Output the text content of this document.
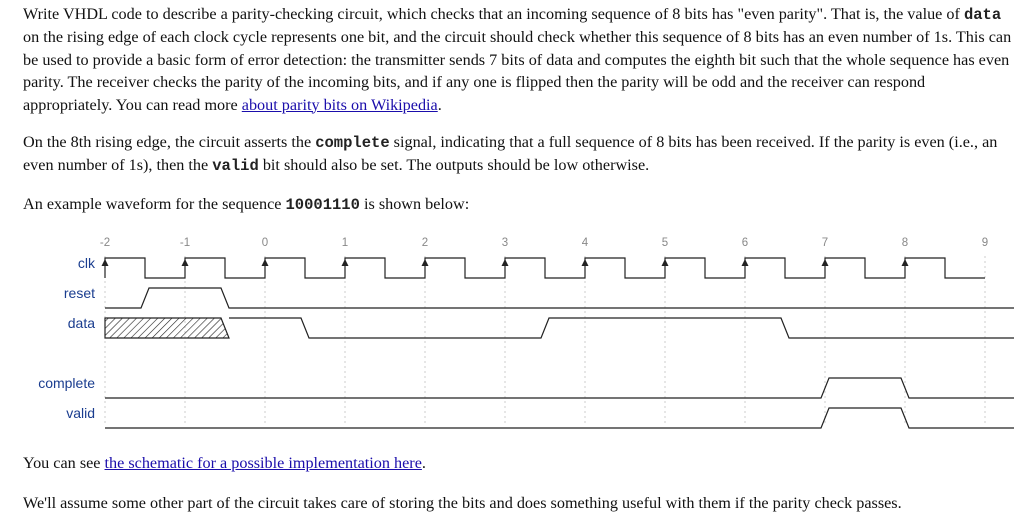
Write VHDL code to describe a parity-checking circuit, which checks that an incoming sequence of 8 bits has "even parity". That is, the value of data on the rising edge of each clock cycle represents one bit, and the circuit should check whether this sequence of 8 bits has an even number of 1s. This can be used to provide a basic form of error detection: the transmitter sends 7 bits of data and computes the eighth bit such that the whole sequence has even parity. The receiver checks the parity of the incoming bits, and if any one is flipped then the parity will be odd and the receiver can respond appropriately. You can read more about parity bits on Wikipedia.

On the 8th rising edge, the circuit asserts the complete signal, indicating that a full sequence of 8 bits has been received. If the parity is even (i.e., an even number of 1s), then the valid bit should also be set. The outputs should be low otherwise.

An example waveform for the sequence 10001110 is shown below:

-2	-1	0	1	2	3	4	5	6	7	8	9
clk
reset
data
complete
valid

You can see the schematic for a possible implementation here.

We'll assume some other part of the circuit takes care of storing the bits and does something useful with them if the parity check passes.
